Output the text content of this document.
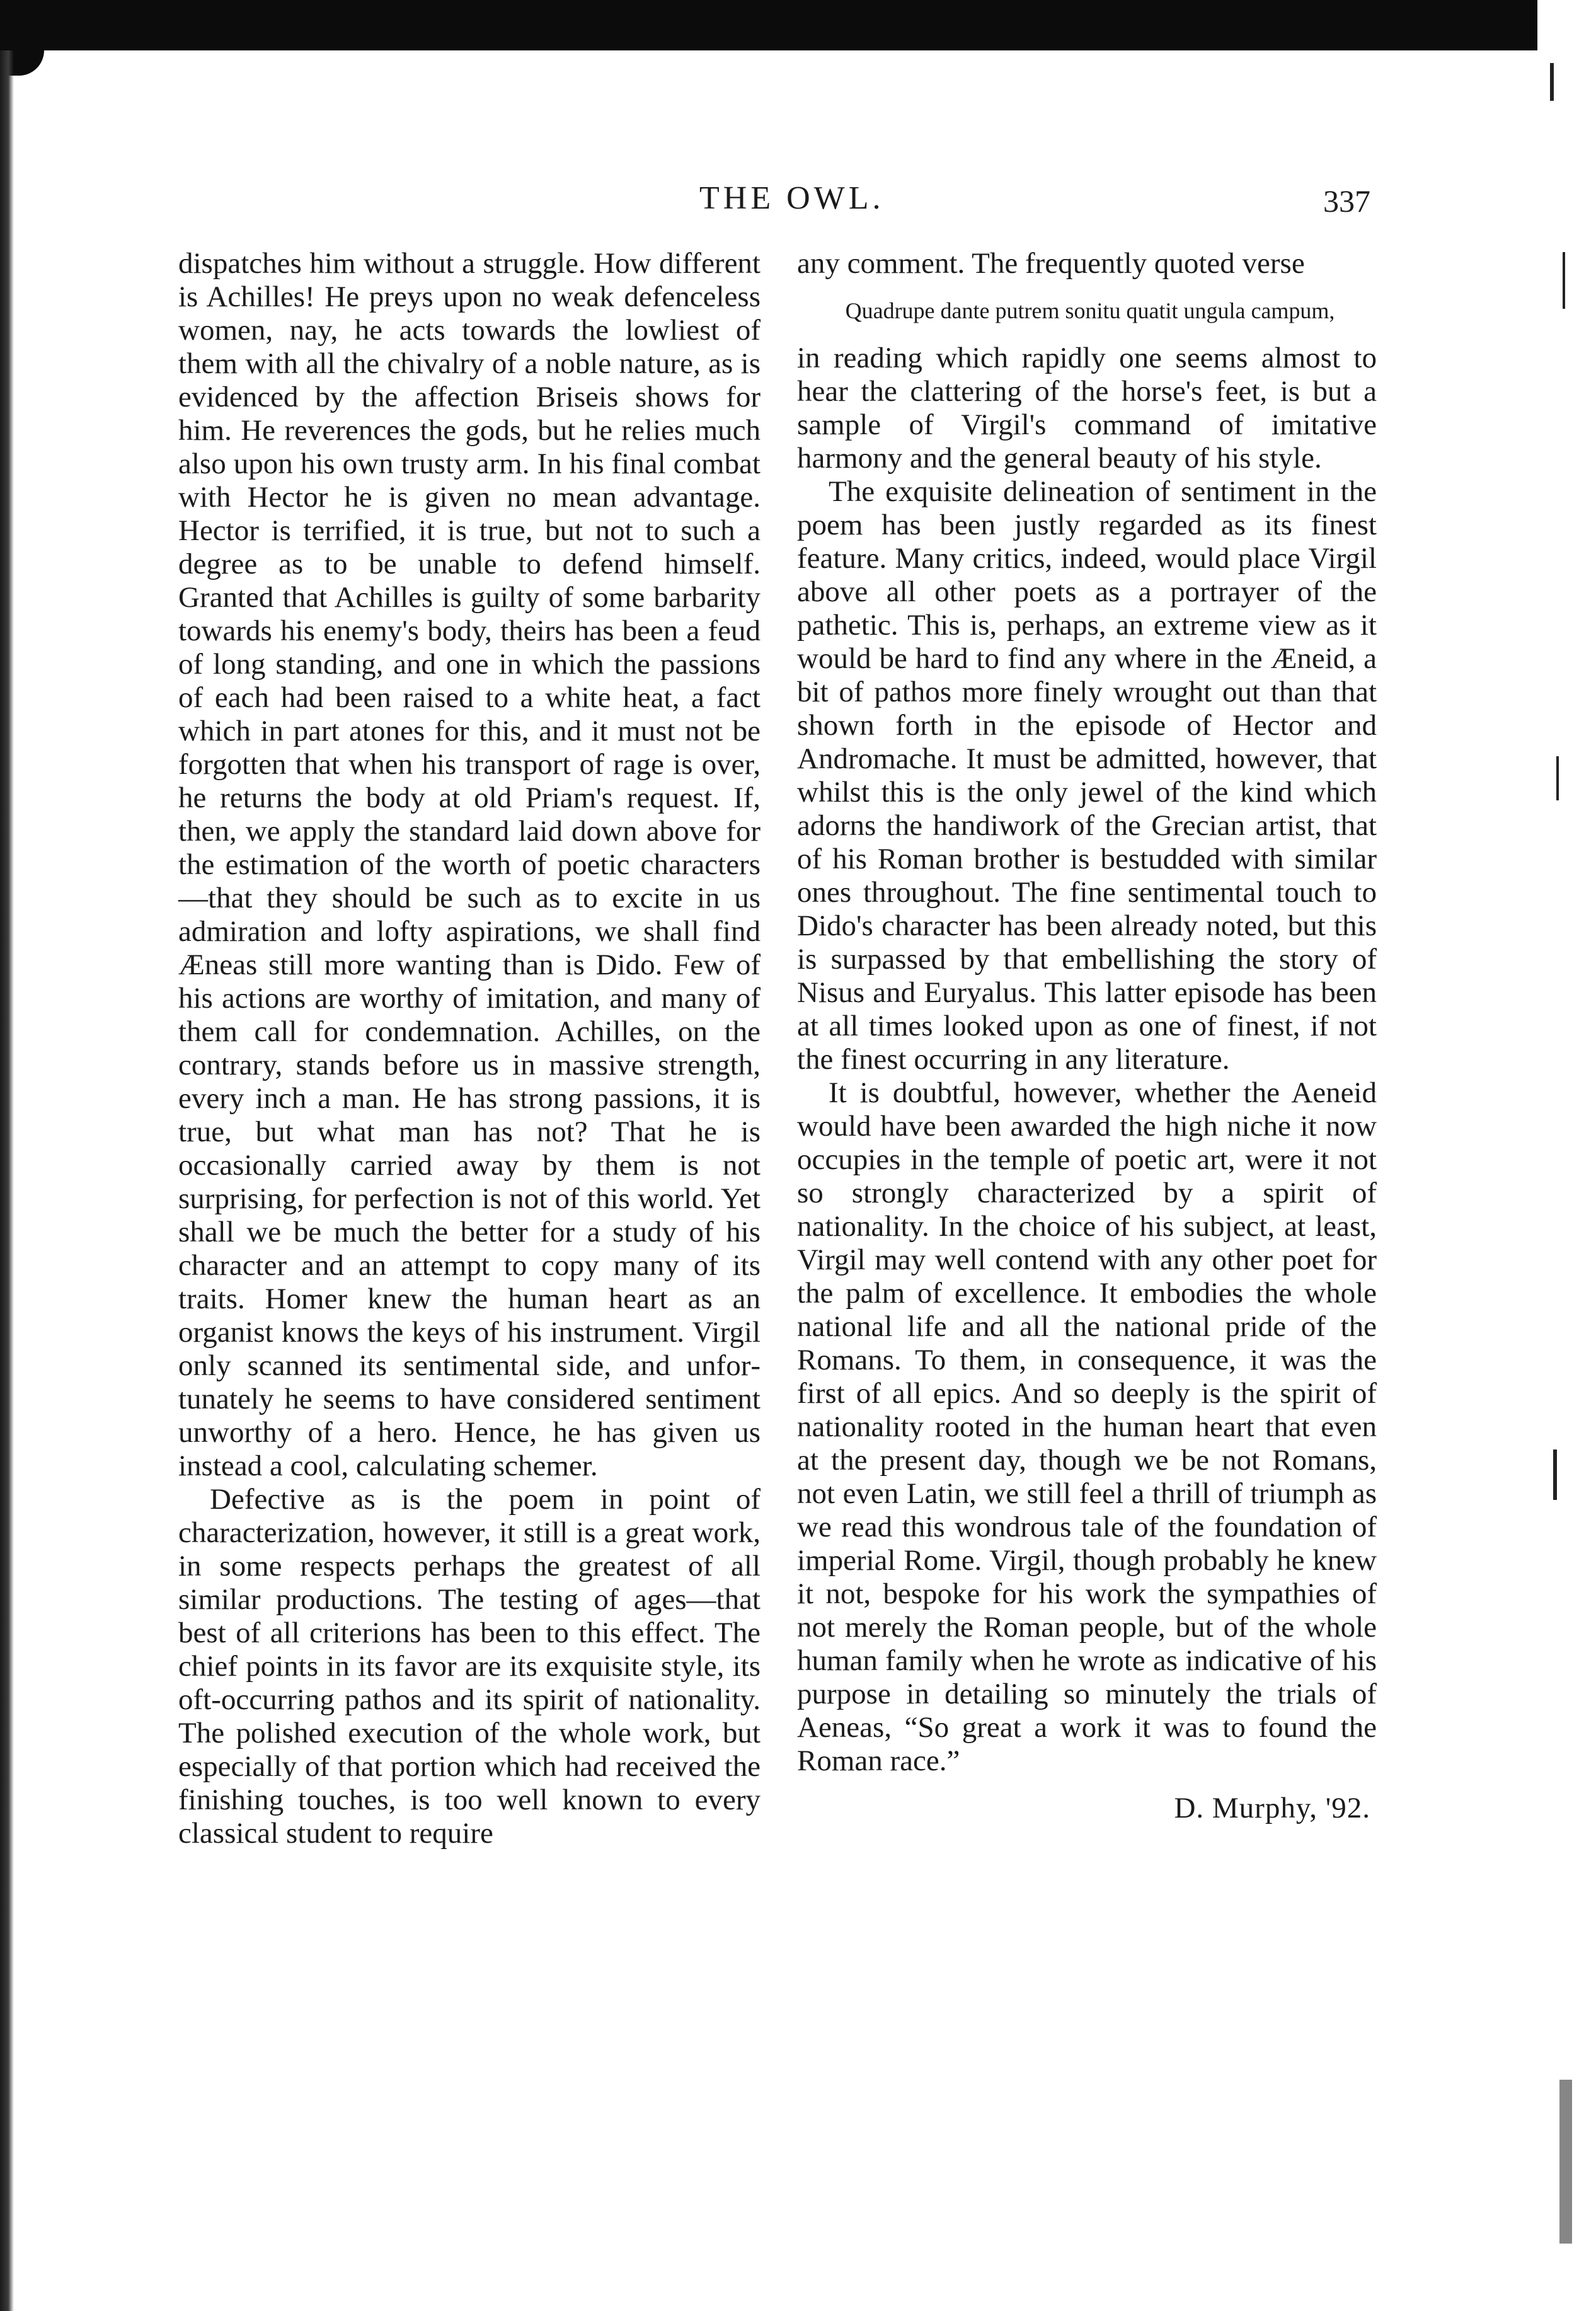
THE OWL.	337

dispatches him without a struggle. How different is Achilles! He preys upon no weak defenceless women, nay, he acts towards the lowliest of them with all the chivalry of a noble nature, as is evidenced by the affection Briseis shows for him. He reverences the gods, but he relies much also upon his own trusty arm. In his final combat with Hector he is given no mean advantage. Hector is terrified, it is true, but not to such a degree as to be unable to defend himself. Granted that Achilles is guilty of some barbarity towards his enemy's body, theirs has been a feud of long standing, and one in which the passions of each had been raised to a white heat, a fact which in part atones for this, and it must not be forgotten that when his transport of rage is over, he returns the body at old Priam's request. If, then, we apply the standard laid down above for the estimation of the worth of poetic characters—that they should be such as to excite in us admiration and lofty aspirations, we shall find Æneas still more wanting than is Dido. Few of his actions are worthy of imitation, and many of them call for condemnation. Achilles, on the contrary, stands before us in massive strength, every inch a man. He has strong passions, it is true, but what man has not? That he is occasionally carried away by them is not surprising, for perfection is not of this world. Yet shall we be much the better for a study of his character and an attempt to copy many of its traits. Homer knew the human heart as an organist knows the keys of his instrument. Virgil only scanned its sentimental side, and unfortunately he seems to have considered sentiment unworthy of a hero. Hence, he has given us instead a cool, calculating schemer.

Defective as is the poem in point of characterization, however, it still is a great work, in some respects perhaps the greatest of all similar productions. The testing of ages—that best of all criterions has been to this effect. The chief points in its favor are its exquisite style, its oft-occurring pathos and its spirit of nationality. The polished execution of the whole work, but especially of that portion which had received the finishing touches, is too well known to every classical student to require

any comment. The frequently quoted verse

Quadrupe dante putrem sonitu quatit ungula campum,

in reading which rapidly one seems almost to hear the clattering of the horse's feet, is but a sample of Virgil's command of imitative harmony and the general beauty of his style.

The exquisite delineation of sentiment in the poem has been justly regarded as its finest feature. Many critics, indeed, would place Virgil above all other poets as a portrayer of the pathetic. This is, perhaps, an extreme view as it would be hard to find any where in the Æneid, a bit of pathos more finely wrought out than that shown forth in the episode of Hector and Andromache. It must be admitted, however, that whilst this is the only jewel of the kind which adorns the handiwork of the Grecian artist, that of his Roman brother is bestudded with similar ones throughout. The fine sentimental touch to Dido's character has been already noted, but this is surpassed by that embellishing the story of Nisus and Euryalus. This latter episode has been at all times looked upon as one of finest, if not the finest occurring in any literature.

It is doubtful, however, whether the Aeneid would have been awarded the high niche it now occupies in the temple of poetic art, were it not so strongly characterized by a spirit of nationality. In the choice of his subject, at least, Virgil may well contend with any other poet for the palm of excellence. It embodies the whole national life and all the national pride of the Romans. To them, in consequence, it was the first of all epics. And so deeply is the spirit of nationality rooted in the human heart that even at the present day, though we be not Romans, not even Latin, we still feel a thrill of triumph as we read this wondrous tale of the foundation of imperial Rome. Virgil, though probably he knew it not, bespoke for his work the sympathies of not merely the Roman people, but of the whole human family when he wrote as indicative of his purpose in detailing so minutely the trials of Aeneas, “So great a work it was to found the Roman race.”

D. Murphy, '92.
